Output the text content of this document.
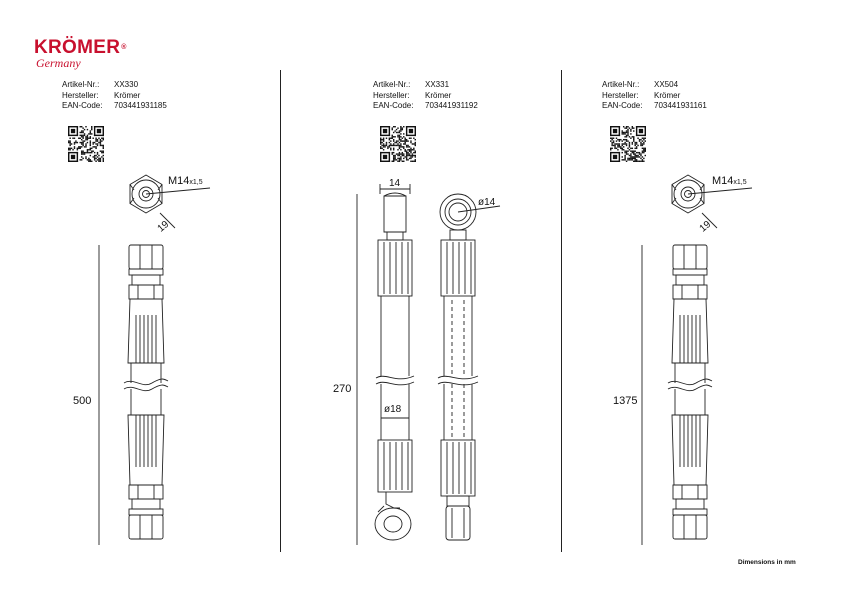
KRÖMER®
Germany
Artikel-Nr.:	XX330
Hersteller:	Krömer
EAN-Code:	703441931185
Artikel-Nr.:	XX331
Hersteller:	Krömer
EAN-Code:	703441931192
Artikel-Nr.:	XX504
Hersteller:	Krömer
EAN-Code:	703441931161
M14x1,5
19
500
14
ø14
ø18
270
M14x1,5
19
1375
Dimensions in mm
